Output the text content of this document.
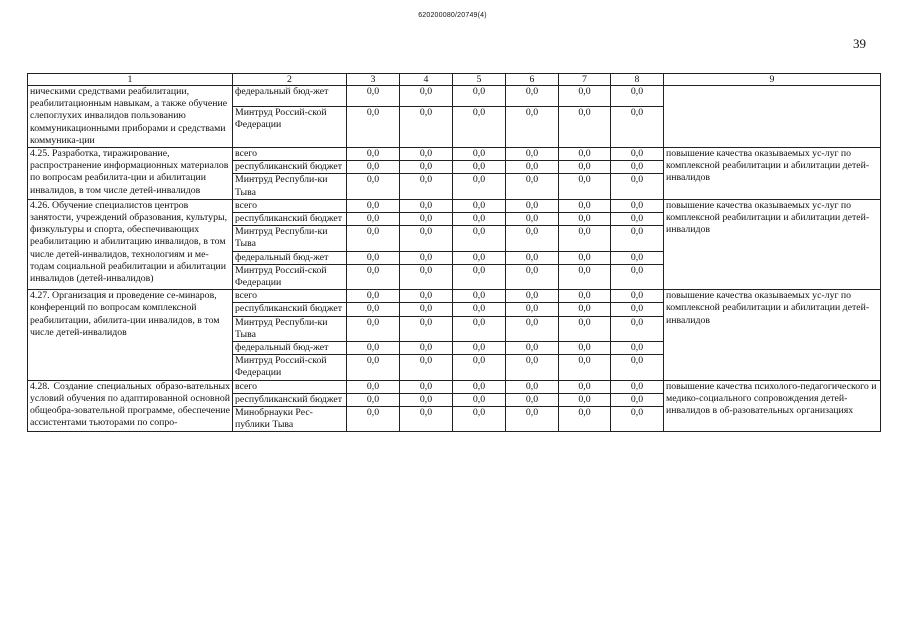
620200080/20749(4)
39
1	2	3	4	5	6	7	8	9
ническими средствами реабилитации, реабилитационным навыкам, а также обучение слепоглухих инвалидов пользованию коммуникационными приборами и средствами коммуника-ции	федеральный бюд-жет	0,0	0,0	0,0	0,0	0,0	0,0	
	Минтруд Россий-ской Федерации	0,0	0,0	0,0	0,0	0,0	0,0	
4.25. Разработка, тиражирование, распространение информационных материалов по вопросам реабилита-ции и абилитации инвалидов, в том числе детей-инвалидов	всего	0,0	0,0	0,0	0,0	0,0	0,0	повышение качества оказываемых ус-луг по комплексной реабилитации и абилитации детей-инвалидов
	республиканский бюджет	0,0	0,0	0,0	0,0	0,0	0,0	
	Минтруд Республи-ки Тыва	0,0	0,0	0,0	0,0	0,0	0,0	
4.26. Обучение специалистов центров занятости, учреждений образования, культуры, физкультуры и спорта, обеспечивающих реабилитацию и абилитацию инвалидов, в том числе детей-инвалидов, технологиям и ме-тодам социальной реабилитации и абилитации инвалидов (детей-инвалидов)	всего	0,0	0,0	0,0	0,0	0,0	0,0	повышение качества оказываемых ус-луг по комплексной реабилитации и абилитации детей-инвалидов
	республиканский бюджет	0,0	0,0	0,0	0,0	0,0	0,0	
	Минтруд Республи-ки Тыва	0,0	0,0	0,0	0,0	0,0	0,0	
	федеральный бюд-жет	0,0	0,0	0,0	0,0	0,0	0,0	
	Минтруд Россий-ской Федерации	0,0	0,0	0,0	0,0	0,0	0,0	
4.27. Организация и проведение се-минаров, конференций по вопросам комплексной реабилитации, абилита-ции инвалидов, в том числе детей-инвалидов	всего	0,0	0,0	0,0	0,0	0,0	0,0	повышение качества оказываемых ус-луг по комплексной реабилитации и абилитации детей-инвалидов
	республиканский бюджет	0,0	0,0	0,0	0,0	0,0	0,0	
	Минтруд Республи-ки Тыва	0,0	0,0	0,0	0,0	0,0	0,0	
	федеральный бюд-жет	0,0	0,0	0,0	0,0	0,0	0,0	
	Минтруд Россий-ской Федерации	0,0	0,0	0,0	0,0	0,0	0,0	
4.28. Создание специальных образо-вательных условий обучения по адаптированной основной общеобра-зовательной программе, обеспечение ассистентами тьюторами по сопро-	всего	0,0	0,0	0,0	0,0	0,0	0,0	повышение качества психолого-педагогического и медико-социального сопровождения детей-инвалидов в об-разовательных организациях
	республиканский бюджет	0,0	0,0	0,0	0,0	0,0	0,0	
	Минобрнауки Рес-публики Тыва	0,0	0,0	0,0	0,0	0,0	0,0	
